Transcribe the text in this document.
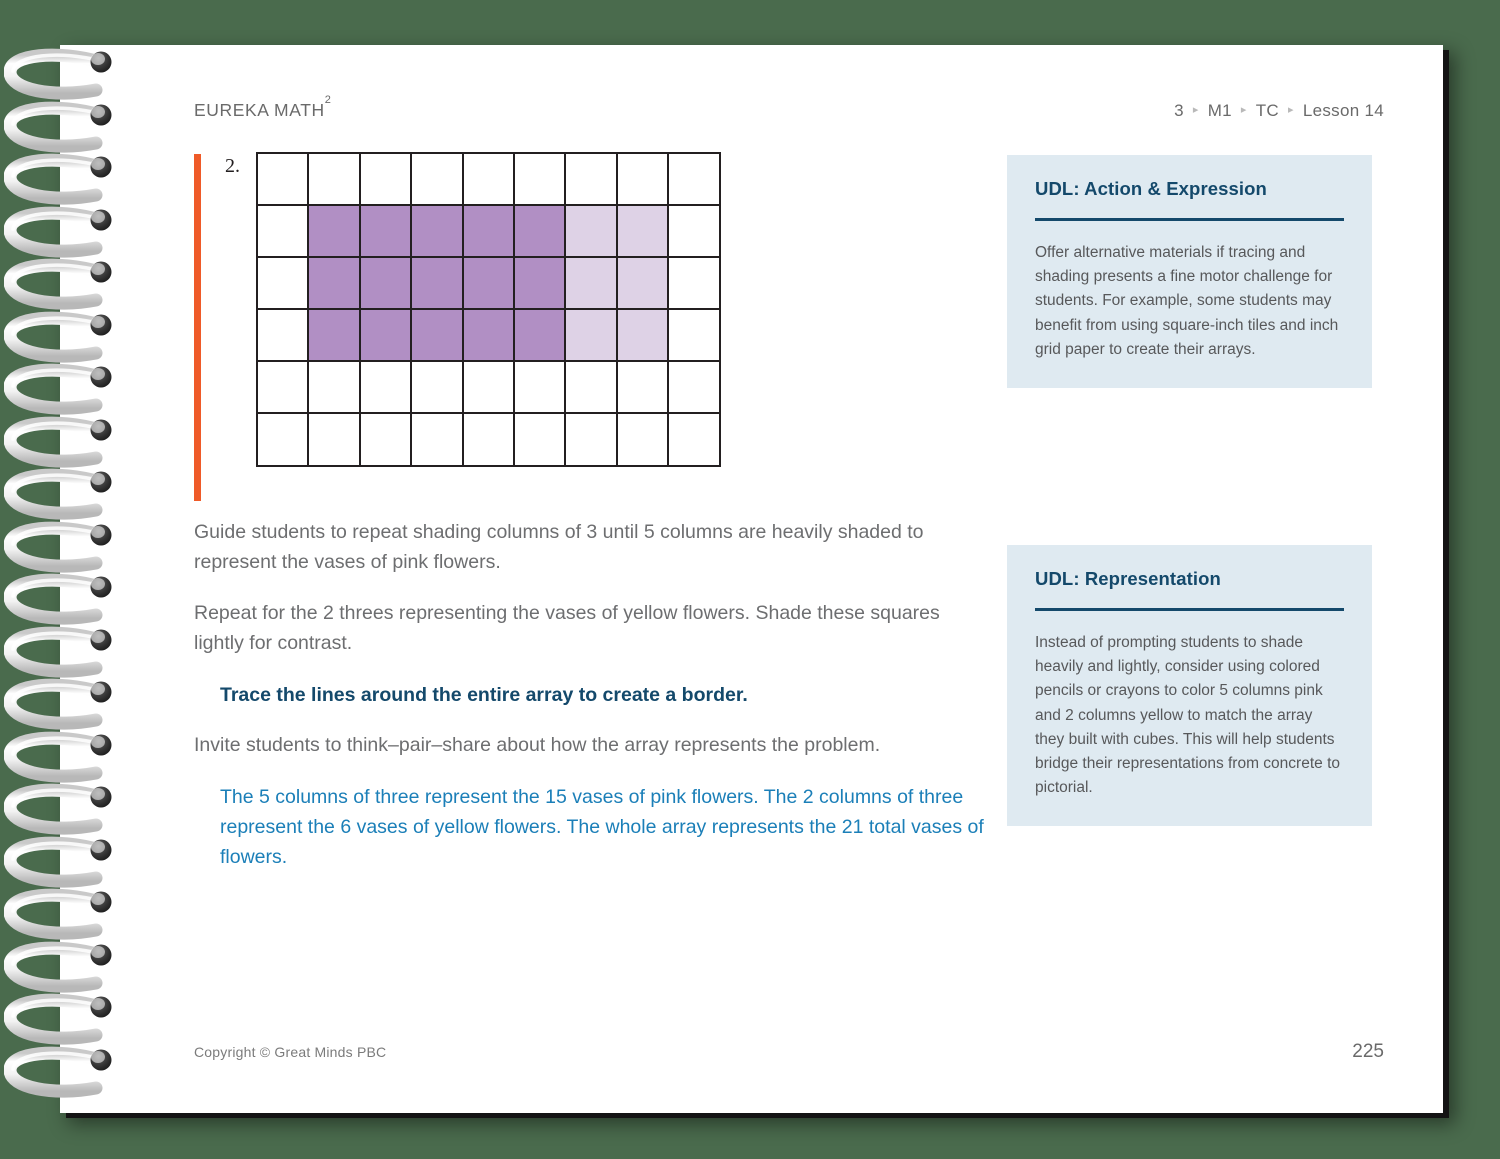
EUREKA MATH$^2$
3 ▸ M1 ▸ TC ▸ Lesson 14
2.

Guide students to repeat shading columns of 3 until 5 columns are heavily shaded to represent the vases of pink flowers.

Repeat for the 2 threes representing the vases of yellow flowers. Shade these squares lightly for contrast.

Trace the lines around the entire array to create a border.

Invite students to think–pair–share about how the array represents the problem.

The 5 columns of three represent the 15 vases of pink flowers. The 2 columns of three represent the 6 vases of yellow flowers. The whole array represents the 21 total vases of flowers.

UDL: Action & Expression

Offer alternative materials if tracing and shading presents a fine motor challenge for students. For example, some students may benefit from using square-inch tiles and inch grid paper to create their arrays.

UDL: Representation

Instead of prompting students to shade heavily and lightly, consider using colored pencils or crayons to color 5 columns pink and 2 columns yellow to match the array they built with cubes. This will help students bridge their representations from concrete to pictorial.

Copyright © Great Minds PBC	225
